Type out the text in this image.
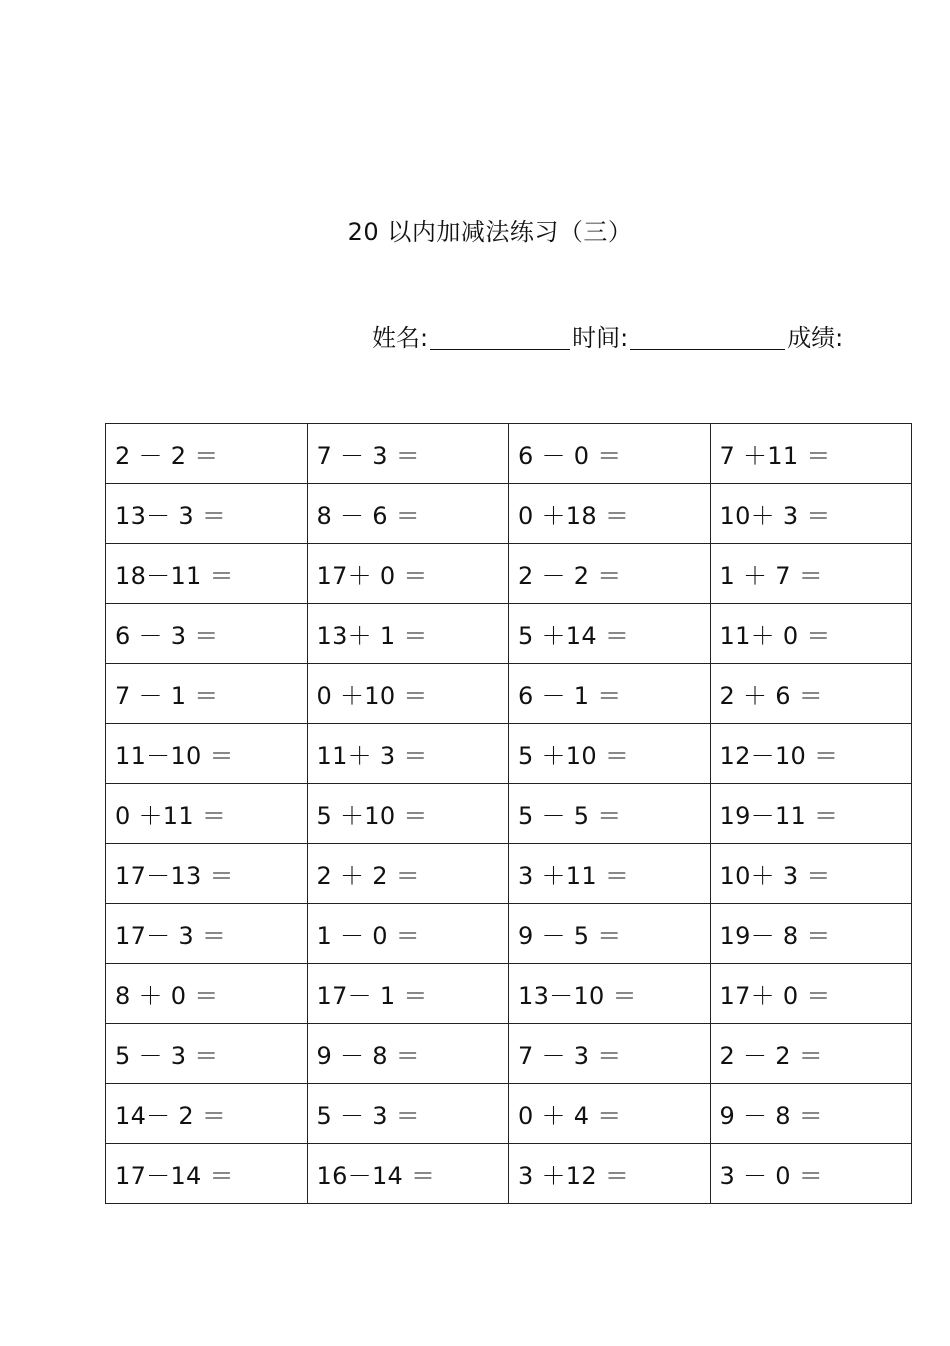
20 以内加减法练习（三）
姓名:	时间:	成绩:
2 － 2 ＝	7 － 3 ＝	6 － 0 ＝	7 ＋11 ＝
13－ 3 ＝	8 － 6 ＝	0 ＋18 ＝	10＋ 3 ＝
18－11 ＝	17＋ 0 ＝	2 － 2 ＝	1 ＋ 7 ＝
6 － 3 ＝	13＋ 1 ＝	5 ＋14 ＝	11＋ 0 ＝
7 － 1 ＝	0 ＋10 ＝	6 － 1 ＝	2 ＋ 6 ＝
11－10 ＝	11＋ 3 ＝	5 ＋10 ＝	12－10 ＝
0 ＋11 ＝	5 ＋10 ＝	5 － 5 ＝	19－11 ＝
17－13 ＝	2 ＋ 2 ＝	3 ＋11 ＝	10＋ 3 ＝
17－ 3 ＝	1 － 0 ＝	9 － 5 ＝	19－ 8 ＝
8 ＋ 0 ＝	17－ 1 ＝	13－10 ＝	17＋ 0 ＝
5 － 3 ＝	9 － 8 ＝	7 － 3 ＝	2 － 2 ＝
14－ 2 ＝	5 － 3 ＝	0 ＋ 4 ＝	9 － 8 ＝
17－14 ＝	16－14 ＝	3 ＋12 ＝	3 － 0 ＝
